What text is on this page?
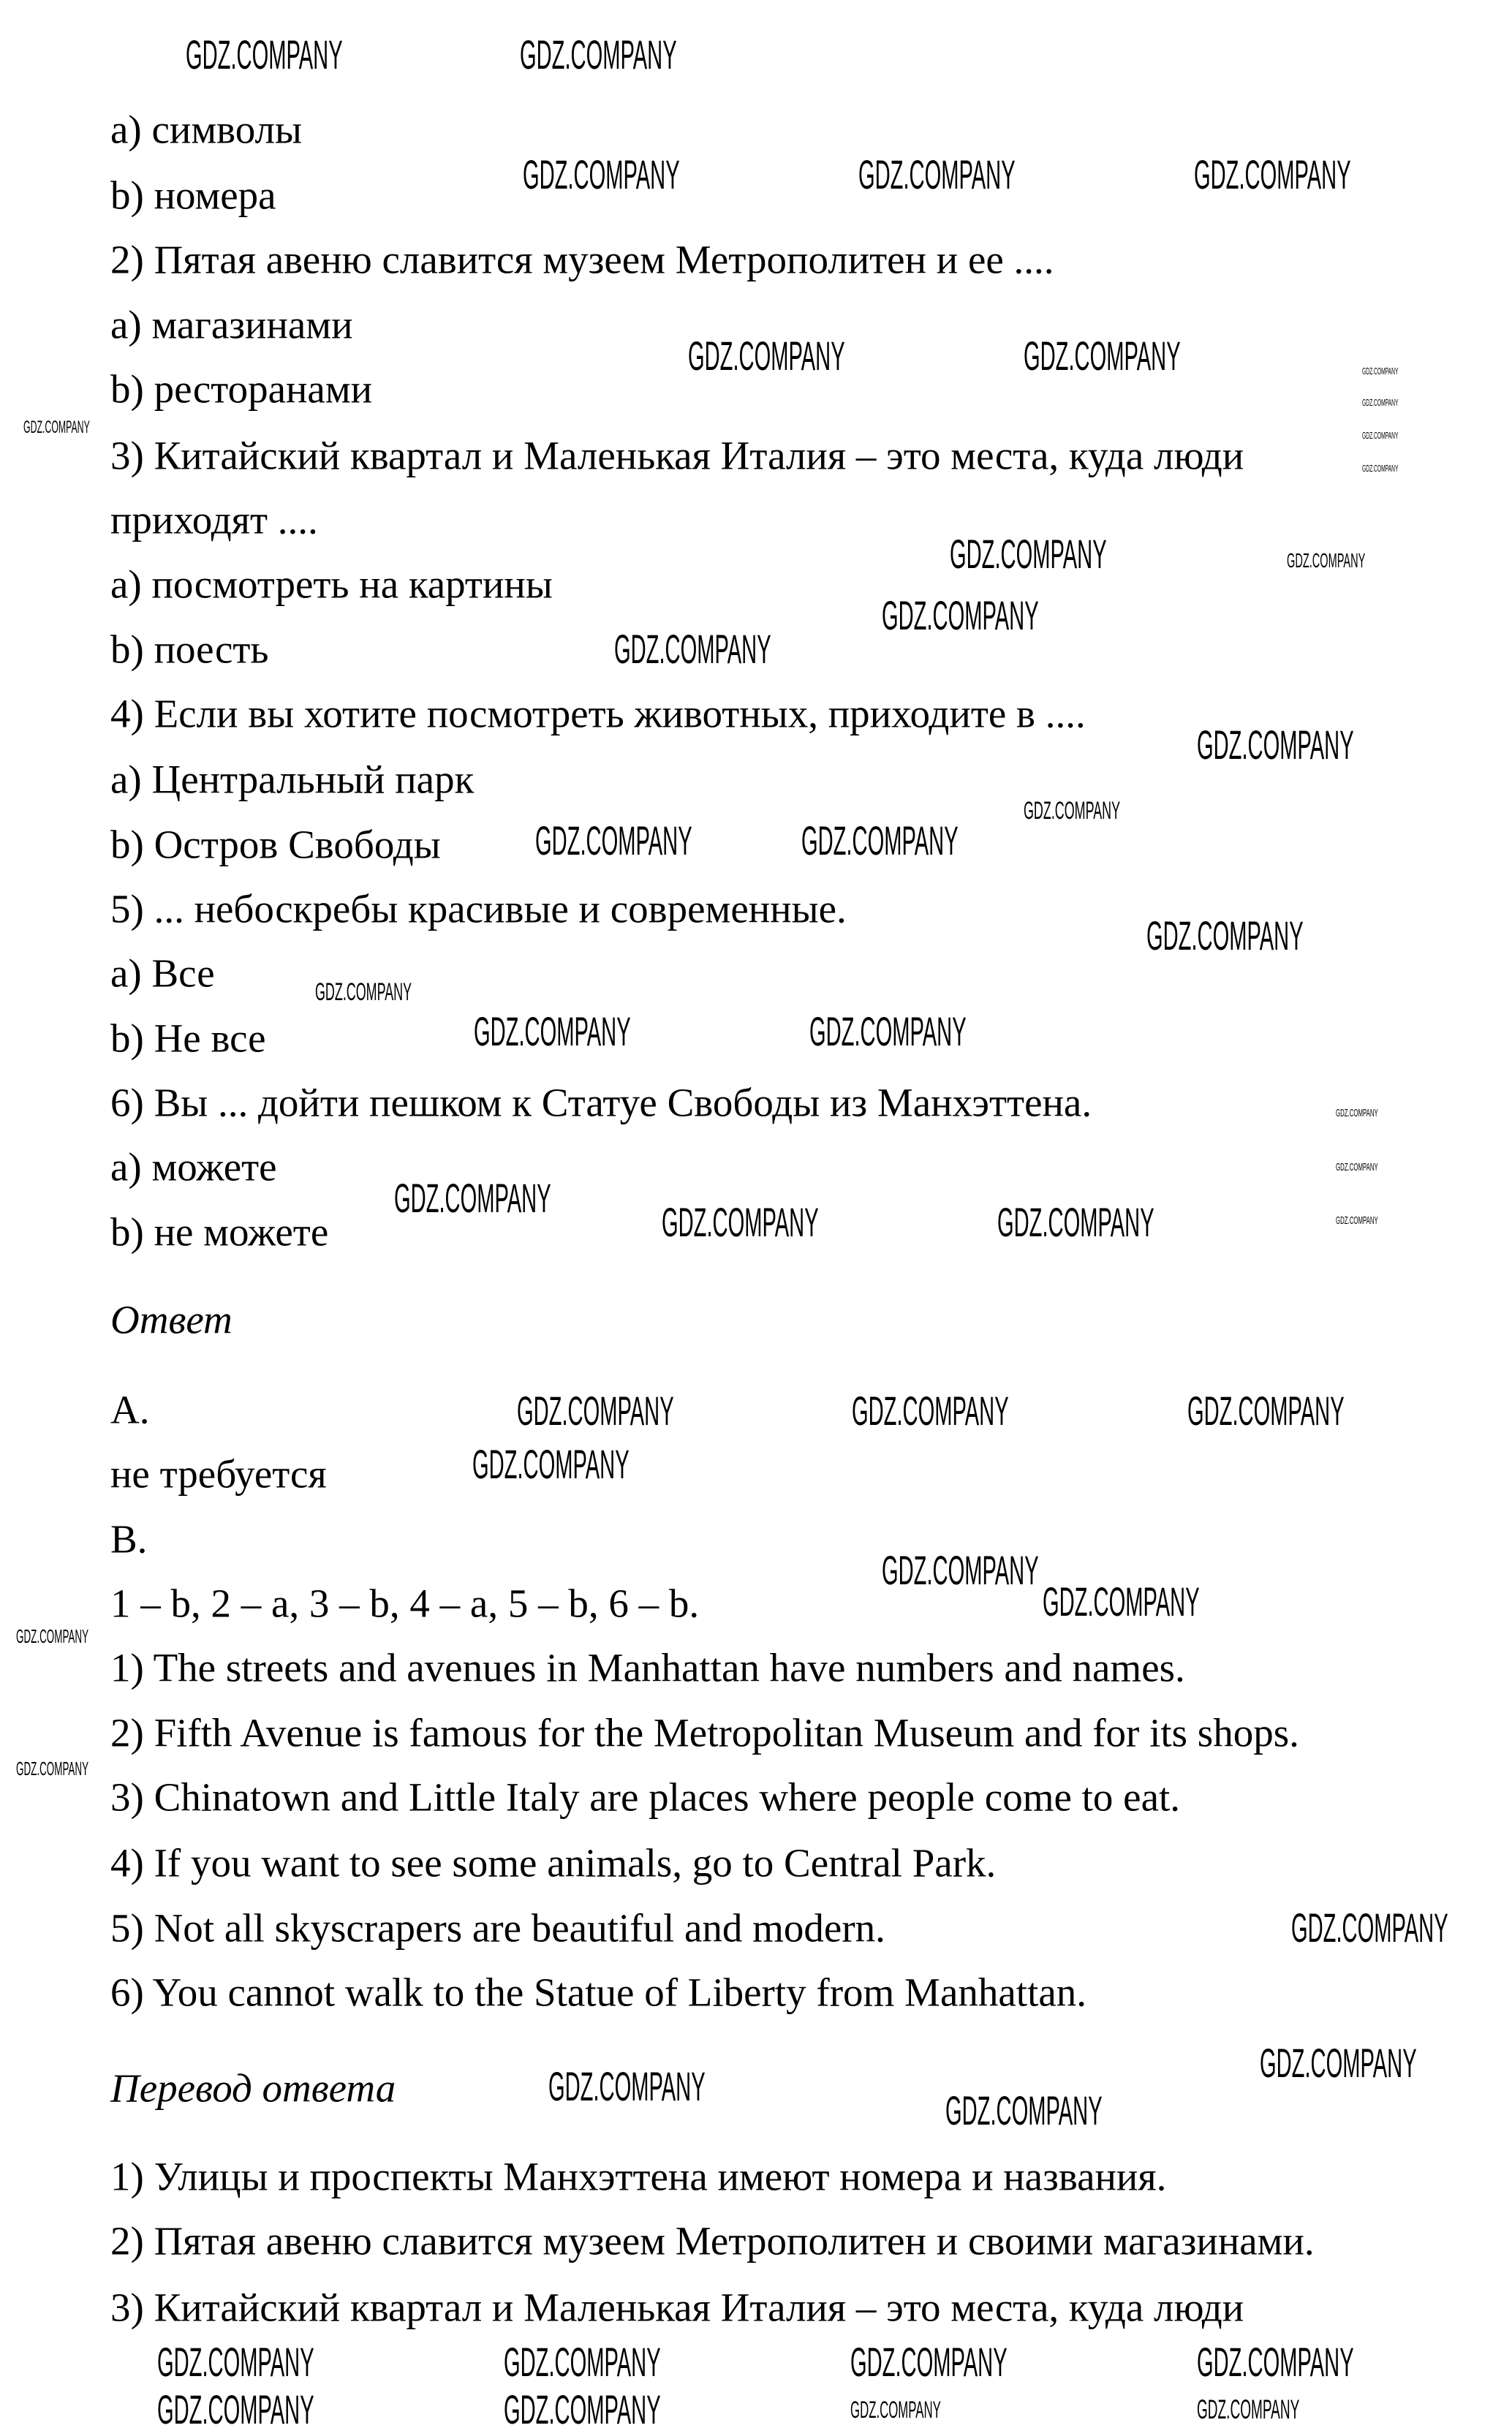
a) символы
b) номера
2) Пятая авеню славится музеем Метрополитен и ее ....
a) магазинами
b) ресторанами
3) Китайский квартал и Маленькая Италия – это места, куда люди
приходят ....
a) посмотреть на картины
b) поесть
4) Если вы хотите посмотреть животных, приходите в ....
a) Центральный парк
b) Остров Свободы
5) ... небоскребы красивые и современные.
a) Все
b) Не все
6) Вы ... дойти пешком к Статуе Свободы из Манхэттена.
a) можете
b) не можете
Ответ
A.
не требуется
B.
1 – b, 2 – a, 3 – b, 4 – a, 5 – b, 6 – b.
1) The streets and avenues in Manhattan have numbers and names.
2) Fifth Avenue is famous for the Metropolitan Museum and for its shops.
3) Chinatown and Little Italy are places where people come to eat.
4) If you want to see some animals, go to Central Park.
5) Not all skyscrapers are beautiful and modern.
6) You cannot walk to the Statue of Liberty from Manhattan.
Перевод ответа
1) Улицы и проспекты Манхэттена имеют номера и названия.
2) Пятая авеню славится музеем Метрополитен и своими магазинами.
3) Китайский квартал и Маленькая Италия – это места, куда люди
GDZ.COMPANY	GDZ.COMPANY	GDZ.COMPANY
GDZ.COMPANY
GDZ.COMPANY	GDZ.COMPANY
GDZ.COMPANY
GDZ.COMPANY
GDZ.COMPANY
GDZ.COMPANY
GDZ.COMPANY
GDZ.COMPANY	GDZ.COMPANY
GDZ.COMPANY
GDZ.COMPANY	GDZ.COMPANY
GDZ.COMPANY	GDZ.COMPANY
GDZ.COMPANY
GDZ.COMPANY	GDZ.COMPANY	GDZ.COMPANY
GDZ.COMPANY
GDZ.COMPANY
GDZ.COMPANY
GDZ.COMPANY	GDZ.COMPANY	GDZ.COMPANY	GDZ.COMPANY
GDZ.COMPANY
GDZ.COMPANY
GDZ.COMPANY
GDZ.COMPANY
GDZ.COMPANY	GDZ.COMPANY
GDZ.COMPANY
GDZ.COMPANY
GDZ.COMPANY
GDZ.COMPANY
GDZ.COMPANY
GDZ.COMPANY
GDZ.COMPANY
GDZ.COMPANY
GDZ.COMPANY
GDZ.COMPANY
GDZ.COMPANY
GDZ.COMPANY
GDZ.COMPANY
GDZ.COMPANY
GDZ.COMPANY
